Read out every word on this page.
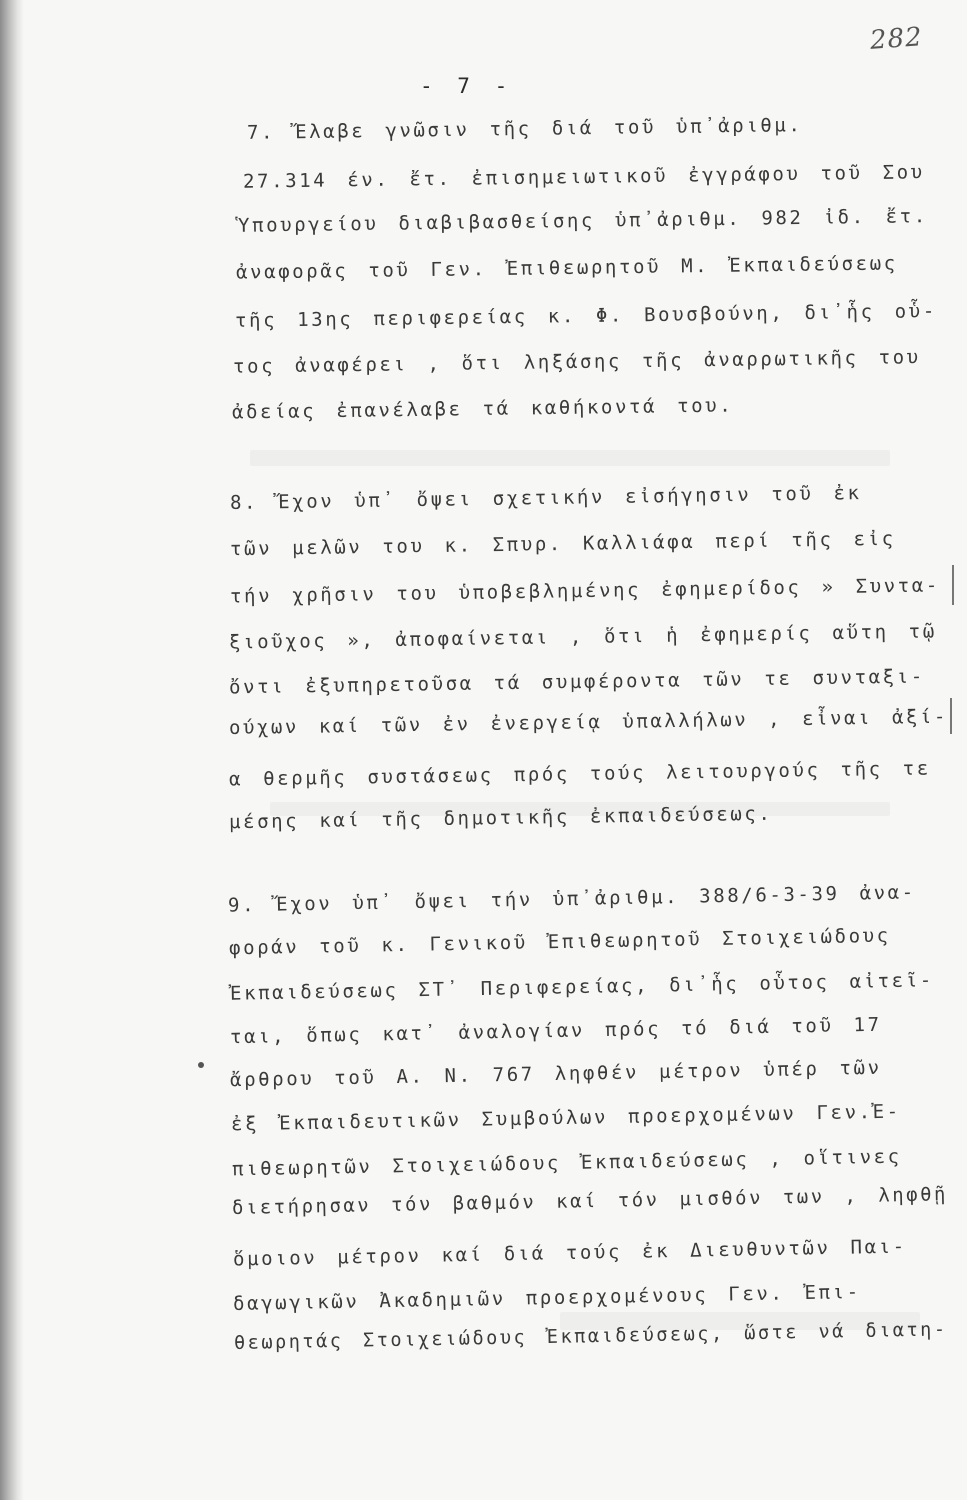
282
- 7 -
7. Ἔλαβε γνῶσιν τῆς διά τοῦ ὑπ᾿ἀριθμ.
27.314 έν. ἔτ. ἐπισημειωτικοῦ ἐγγράφου τοῦ Σου
Ὑπουργείου διαβιβασθείσης ὑπ᾿ἀριθμ. 982 ἰδ. ἔτ.
ἀναφορᾶς τοῦ Γεν. Ἐπιθεωρητοῦ Μ. Ἐκπαιδεύσεως
τῆς 13ης περιφερείας κ. Φ. Βουσβούνη, δι᾿ἧς οὗ-
τος ἀναφέρει , ὅτι ληξάσης τῆς ἀναρρωτικῆς του
ἀδείας ἐπανέλαβε τά καθήκοντά του.
8. Ἔχον ὑπ᾿ ὄψει σχετικήν εἰσήγησιν τοῦ ἐκ
τῶν μελῶν του κ. Σπυρ. Καλλιάφα περί τῆς εἰς
τήν χρῆσιν του ὑποβεβλημένης ἐφημερίδος » Συντα-
ξιοῦχος », ἀποφαίνεται , ὅτι ἡ ἐφημερίς αὕτη τῷ
ὄντι ἐξυπηρετοῦσα τά συμφέροντα τῶν τε συνταξι-
ούχων καί τῶν ἐν ἐνεργείᾳ ὑπαλλήλων , εἶναι ἀξί-
α θερμῆς συστάσεως πρός τούς λειτουργούς τῆς τε
μέσης καί τῆς δημοτικῆς ἐκπαιδεύσεως.
9. Ἔχον ὑπ᾿ ὄψει τήν ὑπ᾿ἀριθμ. 388/6-3-39 ἀνα-
φοράν τοῦ κ. Γενικοῦ Ἐπιθεωρητοῦ Στοιχειώδους
Ἐκπαιδεύσεως ΣΤ᾿ Περιφερείας, δι᾿ἧς οὗτος αἰτεῖ-
ται, ὅπως κατ᾿ ἀναλογίαν πρός τό διά τοῦ 17
ἄρθρου τοῦ Α. Ν. 767 ληφθέν μέτρον ὑπέρ τῶν
ἐξ Ἐκπαιδευτικῶν Συμβούλων προερχομένων Γεν.Ἐ-
πιθεωρητῶν Στοιχειώδους Ἐκπαιδεύσεως , οἵτινες
διετήρησαν τόν βαθμόν καί τόν μισθόν των , ληφθῇ
ὅμοιον μέτρον καί διά τούς ἐκ Διευθυντῶν Παι-
δαγωγικῶν Ἀκαδημιῶν προερχομένους Γεν. Ἐπι-
θεωρητάς Στοιχειώδους Ἐκπαιδεύσεως, ὥστε νά διατη-
